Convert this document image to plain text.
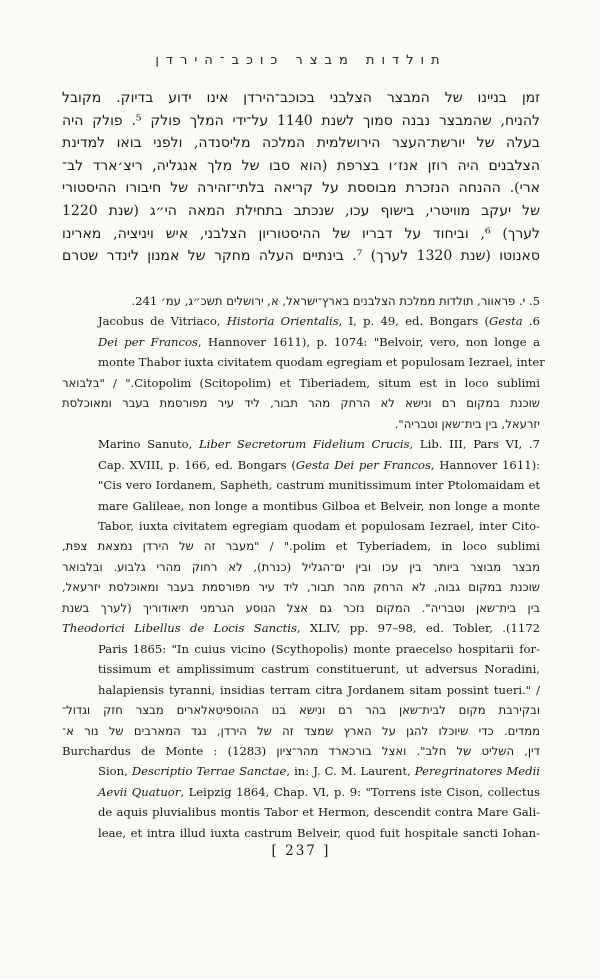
תולדות מבצר כוכב־הירדן
זמן בניינו של המבצר הצלבני בכוכב־הירדן אינו ידוע בדיוק. מקובל
להניח, שהמבצר נבנה סמוך לשנת 1140 על־ידי המלך פולק ⁵. פולק היה
בעלה של יורשת־העצר הירושלמית המלכה מליסנדה, ולפני בואו למדינת
הצלבנים היה רוזן אנז׳ו בצרפת (הוא סבו של מלך אנגליה, ריצ׳ארד לב־
ארי). ההנחה הנזכרת מבוססת על קריאה בלתי־זהירה של חיבורו ההיסטורי
של יעקב מוויטרי, בישוף עכו, שנכתב בתחילת המאה הי״ג (שנת 1220
לערך) ⁶, וביחוד על דבריו של ההיסטוריון הצלבני, איש ויניציה, מארינו
סאנוטו (שנת 1320 לערך) ⁷. בינתיים העלה מחקר של אמנון לינדר שטרם
5. י. פראוור, תולדות ממלכת הצלבנים בארץ־ישראל, א, ירושלים תשכ״ג, עמ׳ 241.
6. Jacobus de Vitriaco, Historia Orientalis, I, p. 49, ed. Bongars (Gesta
Dei per Francos, Hannover 1611), p. 1074: "Belvoir, vero, non longe a
monte Thabor iuxta civitatem quodam egregiam et populosam Iezrael, inter
Citopolim (Scitopolim) et Tiberiadem, situm est in loco sublimi." / "בלבואר
שוכנת במקום רם ונישא לא הרחק מהר תבור, ליד עיר מפורסמת בעבר ומאוכלסת
יזרעאל, בין בית־שאן וטבריה".
7. Marino Sanuto, Liber Secretorum Fidelium Crucis, Lib. III, Pars VI,‎
Cap. XVIII, p. 166, ed. Bongars (Gesta Dei per Francos, Hannover 1611):
"Cis vero Iordanem, Sapheth, castrum munitissimum inter Ptolomaidam et
mare Galileae, non longe a montibus Gilboa et Belveir, non longe a monte
Tabor, iuxta civitatem egregiam quodam et populosam Iezrael, inter Cito-
polim et Tyberiadem, in loco sublimi." / "מעבר זה של הירדן נמצאת צפת,
מבצר מבוצר ביותר בין עכו ובין ים־הגליל (כנרת), לא רחוק מהרי גלבוע. ובלבואר
שוכנת במקום גבוה, לא הרחק מהר תבור, ליד עיר מפורסמת בעבר ומאוכלסת יזרעאל,
בין בית־שאן וטבריה". המקום נזכר גם אצל הנוסע הגרמני תיאודוריך (לערך בשנת
1172). Theodorici Libellus de Locis Sanctis, XLIV, pp. 97–98, ed. Tobler,‎
Paris 1865: "In cuius vicino (Scythopolis) monte praecelso hospitarii for-
tissimum et amplissimum castrum constituerunt, ut adversus Noradini,
halapiensis tyranni, insidias terram citra Jordanem sitam possint tueri." /
ובקירבת מקום לבית־שאן בהר רם ונישא בנו ההוספיטאלארים מבצר חזק וגדול־
ממדים. כדי שיוכלו להגן על הארץ שמצד זה של הירדן, נגד המארבים של נור א־
דין, השליט של חלב". ואצל בורכארד מהר־ציון (1283) : Burchardus de Monte‎
Sion, Descriptio Terrae Sanctae, in: J. C. M. Laurent, Peregrinatores Medii
Aevii Quatuor, Leipzig 1864, Chap. VI, p. 9: "Torrens iste Cison, collectus
de aquis pluvialibus montis Tabor et Hermon, descendit contra Mare Gali-
leae, et intra illud iuxta castrum Belveir, quod fuit hospitale sancti Iohan-
[ 237 ]
